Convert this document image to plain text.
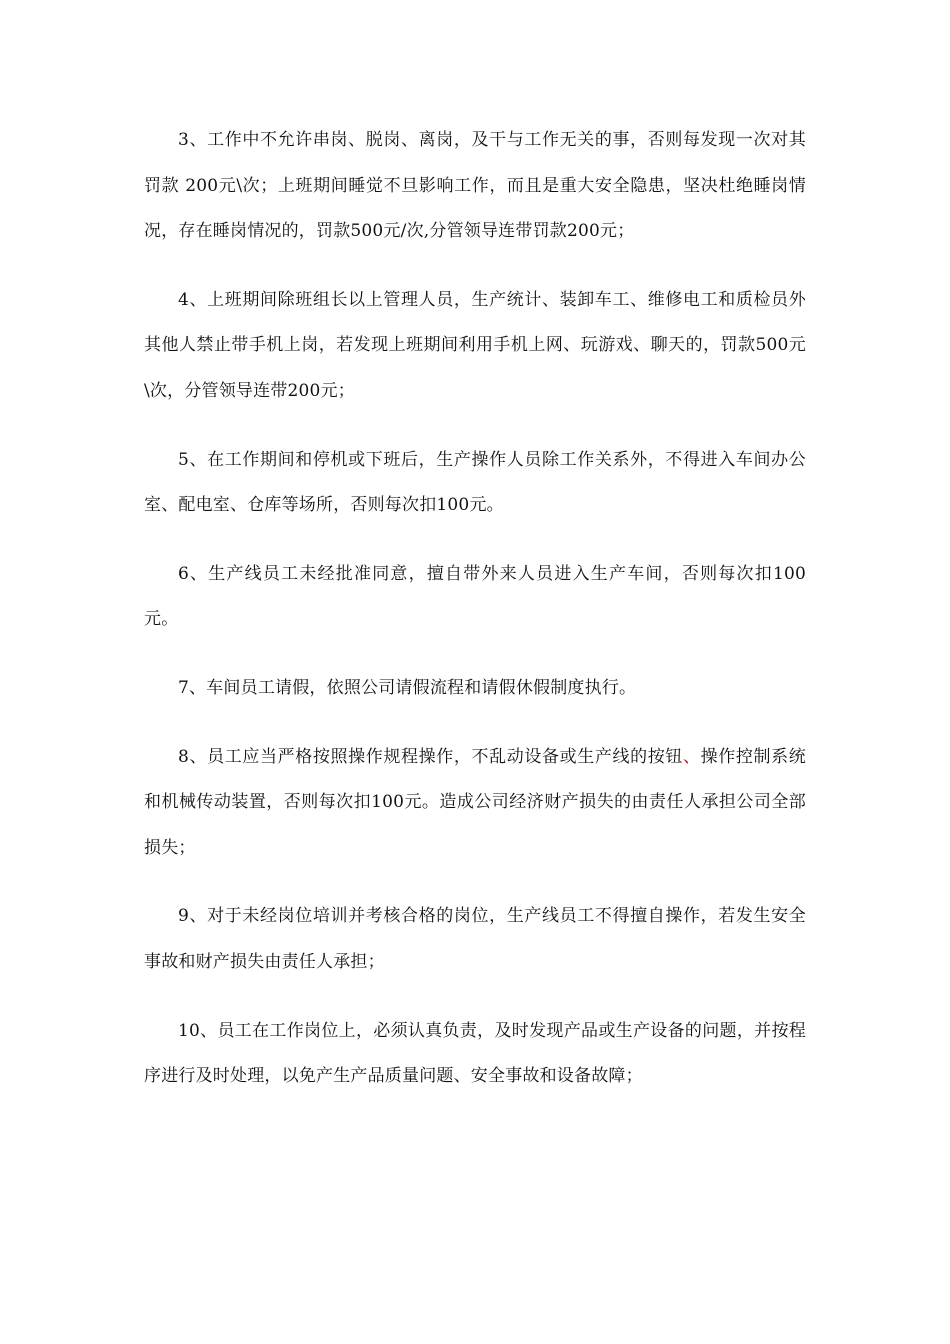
3、工作中不允许串岗、脱岗、离岗，及干与工作无关的事，否则每发现一次对其罚款 200元\次；上班期间睡觉不旦影响工作，而且是重大安全隐患，坚决杜绝睡岗情况，存在睡岗情况的，罚款500元/次,分管领导连带罚款200元；

4、上班期间除班组长以上管理人员，生产统计、装卸车工、维修电工和质检员外其他人禁止带手机上岗，若发现上班期间利用手机上网、玩游戏、聊天的，罚款500元\次，分管领导连带200元；

5、在工作期间和停机或下班后，生产操作人员除工作关系外，不得进入车间办公室、配电室、仓库等场所，否则每次扣100元。

6、生产线员工未经批准同意，擅自带外来人员进入生产车间，否则每次扣100元。

7、车间员工请假，依照公司请假流程和请假休假制度执行。

8、员工应当严格按照操作规程操作，不乱动设备或生产线的按钮、操作控制系统和机械传动装置，否则每次扣100元。造成公司经济财产损失的由责任人承担公司全部损失；

9、对于未经岗位培训并考核合格的岗位，生产线员工不得擅自操作，若发生安全事故和财产损失由责任人承担；

10、员工在工作岗位上，必须认真负责，及时发现产品或生产设备的问题，并按程序进行及时处理，以免产生产品质量问题、安全事故和设备故障；
